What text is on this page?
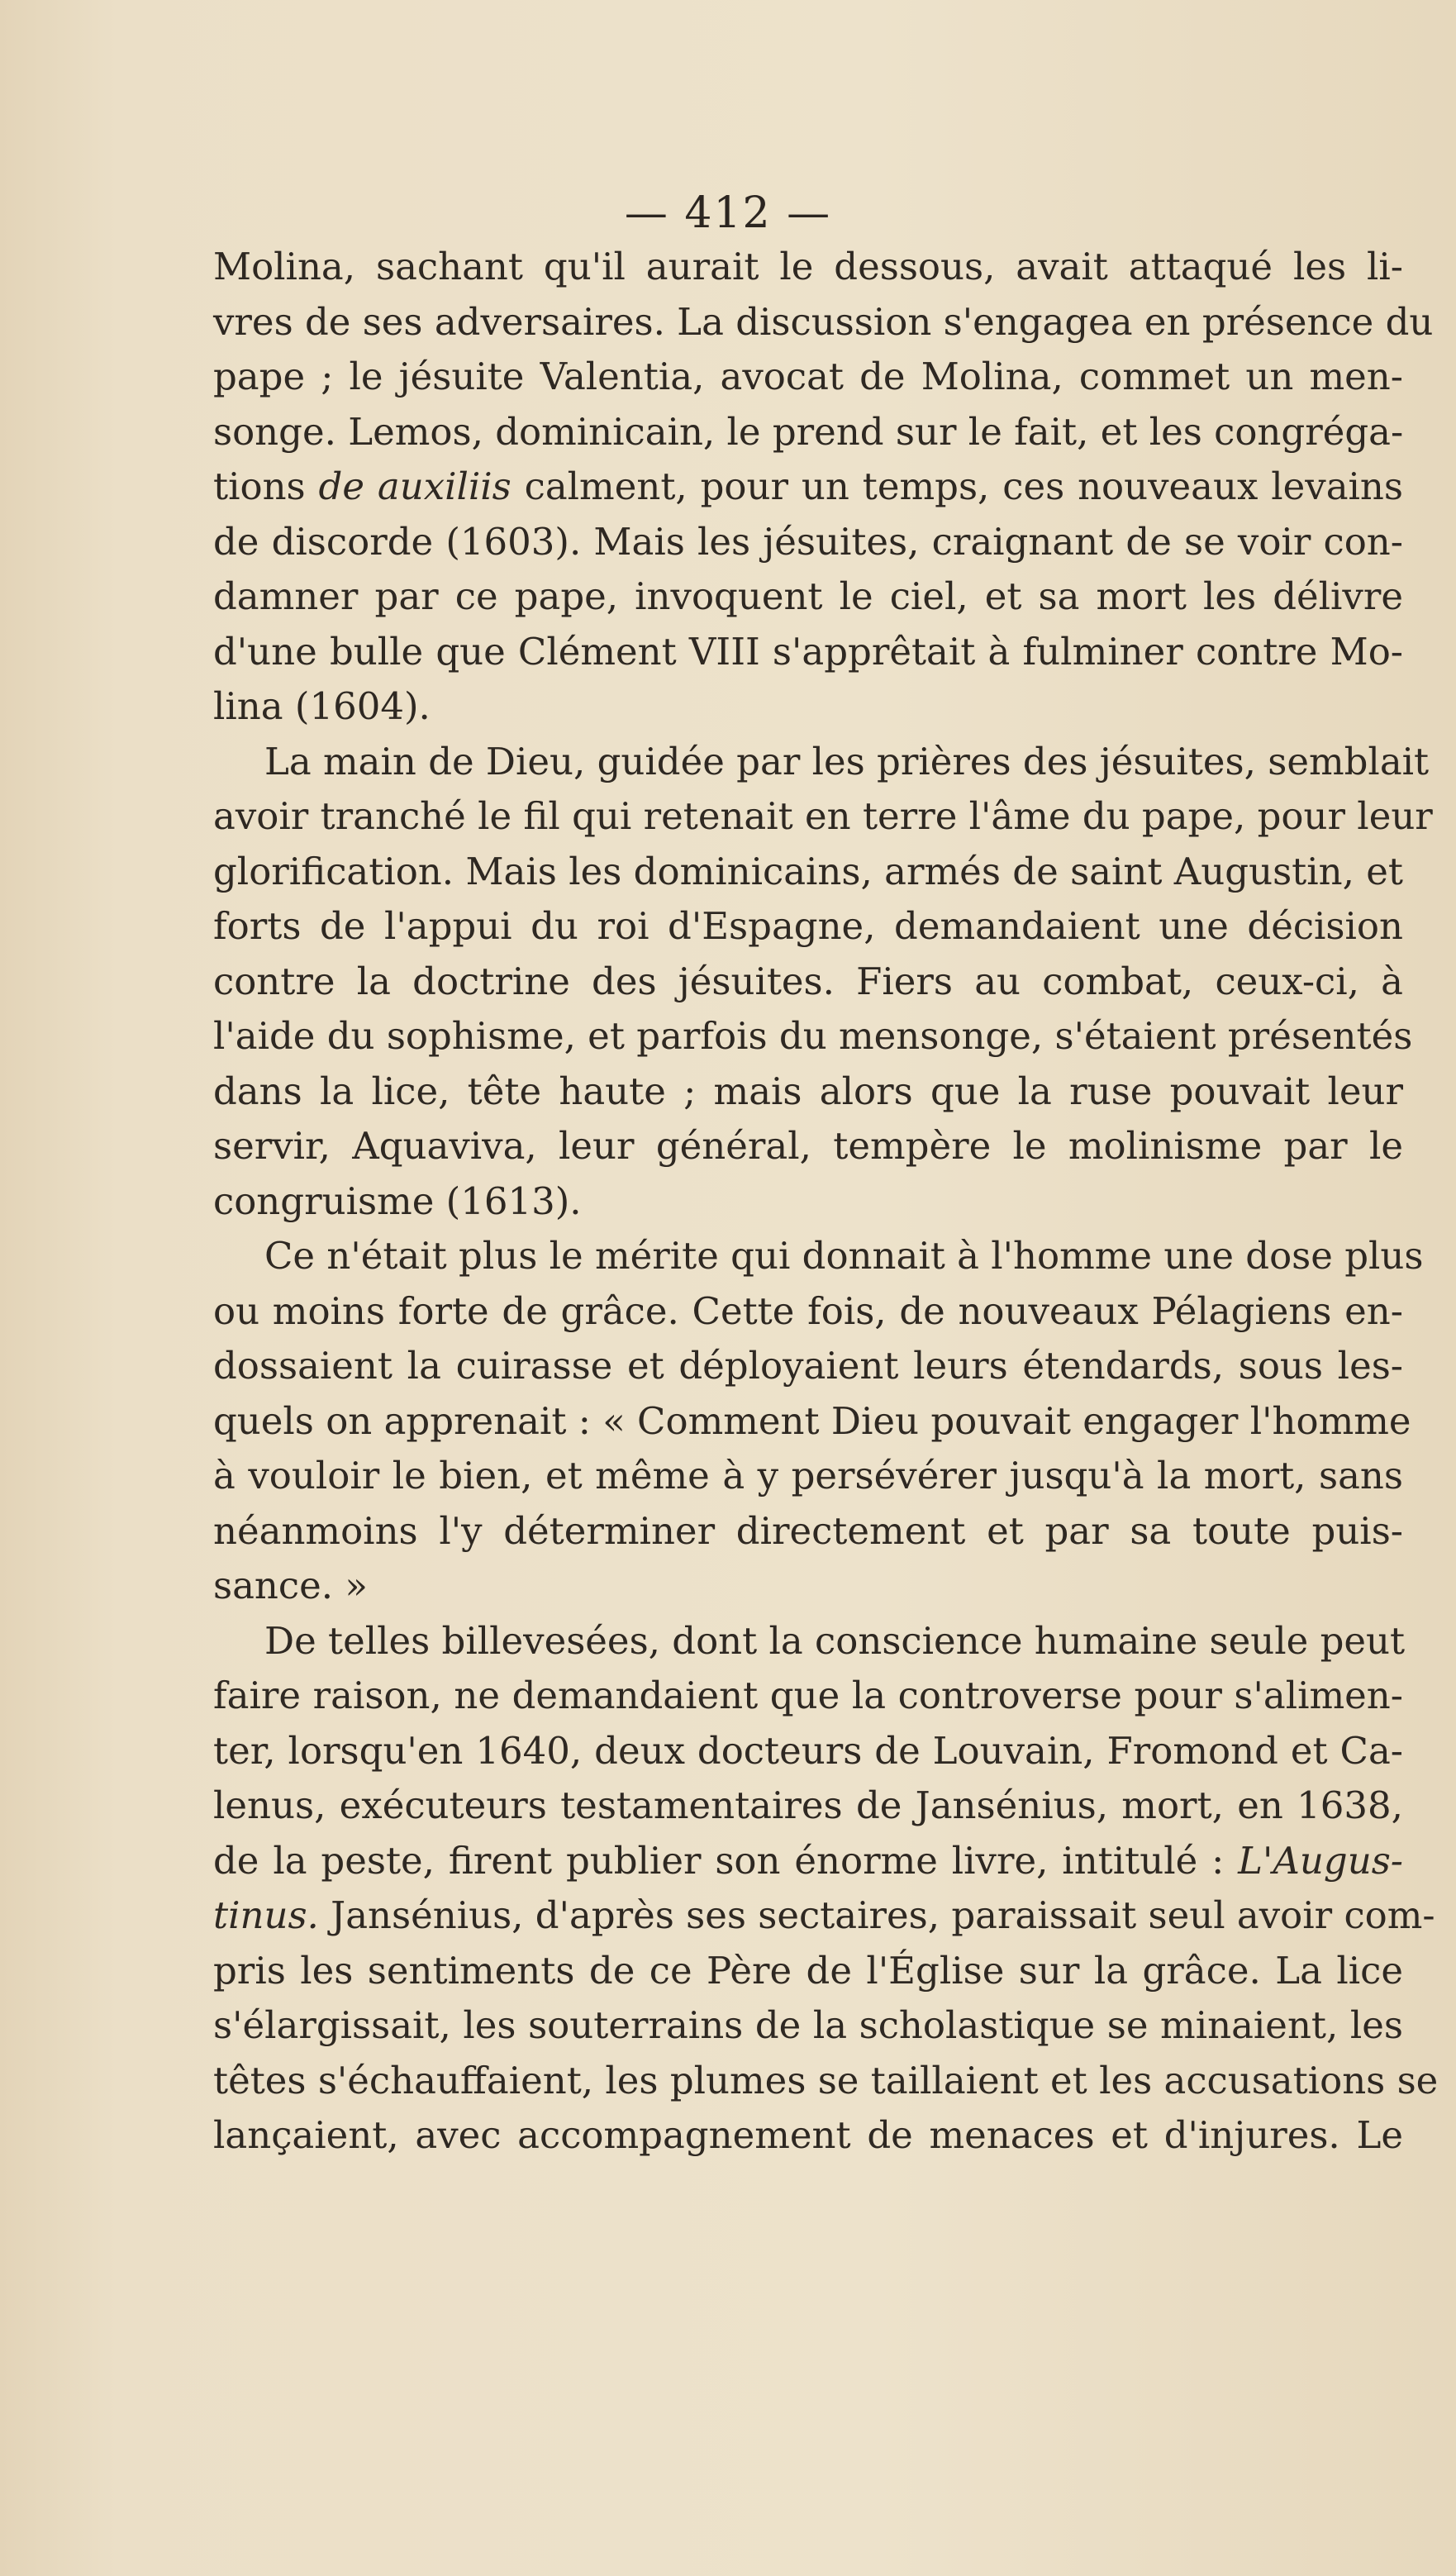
— 412 —
Molina, sachant qu'il aurait le dessous, avait attaqué les li-
vres de ses adversaires. La discussion s'engagea en présence du
pape ; le jésuite Valentia, avocat de Molina, commet un men-
songe. Lemos, dominicain, le prend sur le fait, et les congréga-
tions de auxiliis calment, pour un temps, ces nouveaux levains
de discorde (1603). Mais les jésuites, craignant de se voir con-
damner par ce pape, invoquent le ciel, et sa mort les délivre
d'une bulle que Clément VIII s'apprêtait à fulminer contre Mo-
lina (1604).
La main de Dieu, guidée par les prières des jésuites, semblait
avoir tranché le fil qui retenait en terre l'âme du pape, pour leur
glorification. Mais les dominicains, armés de saint Augustin, et
forts de l'appui du roi d'Espagne, demandaient une décision
contre la doctrine des jésuites. Fiers au combat, ceux-ci, à
l'aide du sophisme, et parfois du mensonge, s'étaient présentés
dans la lice, tête haute ; mais alors que la ruse pouvait leur
servir, Aquaviva, leur général, tempère le molinisme par le
congruisme (1613).
Ce n'était plus le mérite qui donnait à l'homme une dose plus
ou moins forte de grâce. Cette fois, de nouveaux Pélagiens en-
dossaient la cuirasse et déployaient leurs étendards, sous les-
quels on apprenait : « Comment Dieu pouvait engager l'homme
à vouloir le bien, et même à y persévérer jusqu'à la mort, sans
néanmoins l'y déterminer directement et par sa toute puis-
sance. »
De telles billevesées, dont la conscience humaine seule peut
faire raison, ne demandaient que la controverse pour s'alimen-
ter, lorsqu'en 1640, deux docteurs de Louvain, Fromond et Ca-
lenus, exécuteurs testamentaires de Jansénius, mort, en 1638,
de la peste, firent publier son énorme livre, intitulé : L'Augus-
tinus. Jansénius, d'après ses sectaires, paraissait seul avoir com-
pris les sentiments de ce Père de l'Église sur la grâce. La lice
s'élargissait, les souterrains de la scholastique se minaient, les
têtes s'échauffaient, les plumes se taillaient et les accusations se
lançaient, avec accompagnement de menaces et d'injures. Le
